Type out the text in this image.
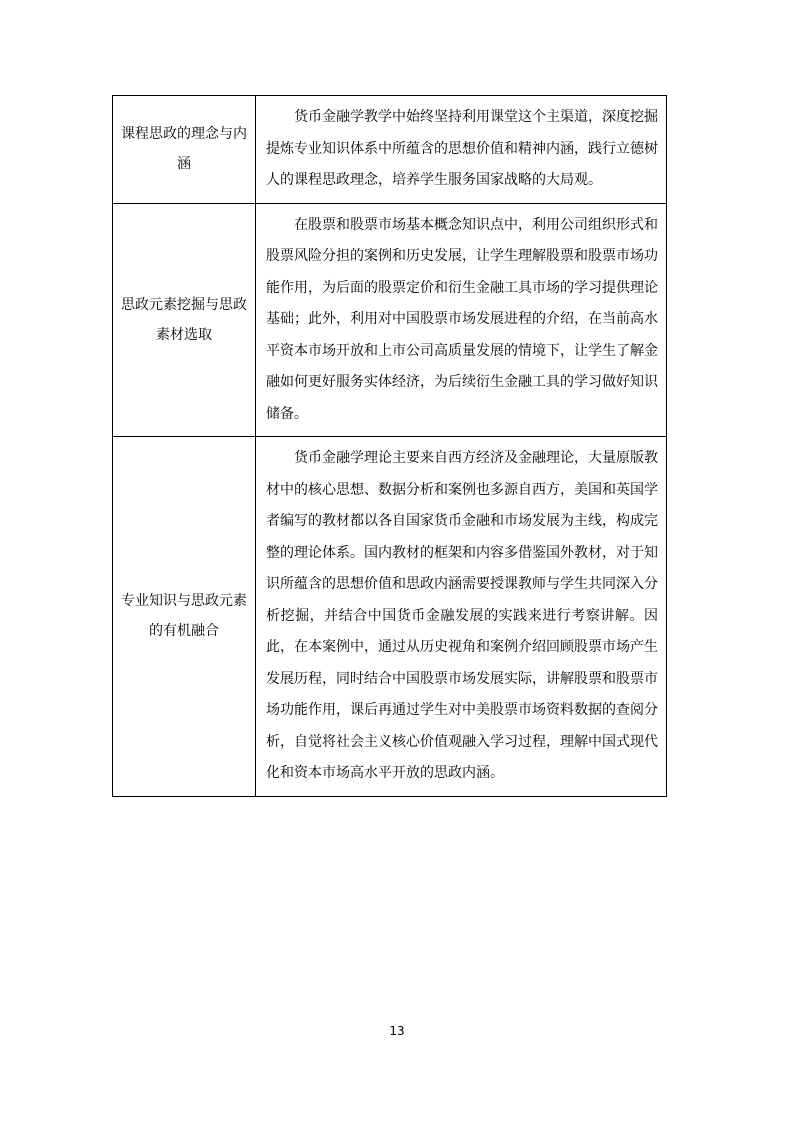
课程思政的理念与内涵	货币金融学教学中始终坚持利用课堂这个主渠道，深度挖掘提炼专业知识体系中所蕴含的思想价值和精神内涵，践行立德树人的课程思政理念，培养学生服务国家战略的大局观。

思政元素挖掘与思政素材选取	在股票和股票市场基本概念知识点中，利用公司组织形式和股票风险分担的案例和历史发展，让学生理解股票和股票市场功能作用，为后面的股票定价和衍生金融工具市场的学习提供理论基础；此外，利用对中国股票市场发展进程的介绍，在当前高水平资本市场开放和上市公司高质量发展的情境下，让学生了解金融如何更好服务实体经济，为后续衍生金融工具的学习做好知识储备。

专业知识与思政元素的有机融合	货币金融学理论主要来自西方经济及金融理论，大量原版教材中的核心思想、数据分析和案例也多源自西方，美国和英国学者编写的教材都以各自国家货币金融和市场发展为主线，构成完整的理论体系。国内教材的框架和内容多借鉴国外教材，对于知识所蕴含的思想价值和思政内涵需要授课教师与学生共同深入分析挖掘，并结合中国货币金融发展的实践来进行考察讲解。因此，在本案例中，通过从历史视角和案例介绍回顾股票市场产生发展历程，同时结合中国股票市场发展实际，讲解股票和股票市场功能作用，课后再通过学生对中美股票市场资料数据的查阅分析，自觉将社会主义核心价值观融入学习过程，理解中国式现代化和资本市场高水平开放的思政内涵。

13
